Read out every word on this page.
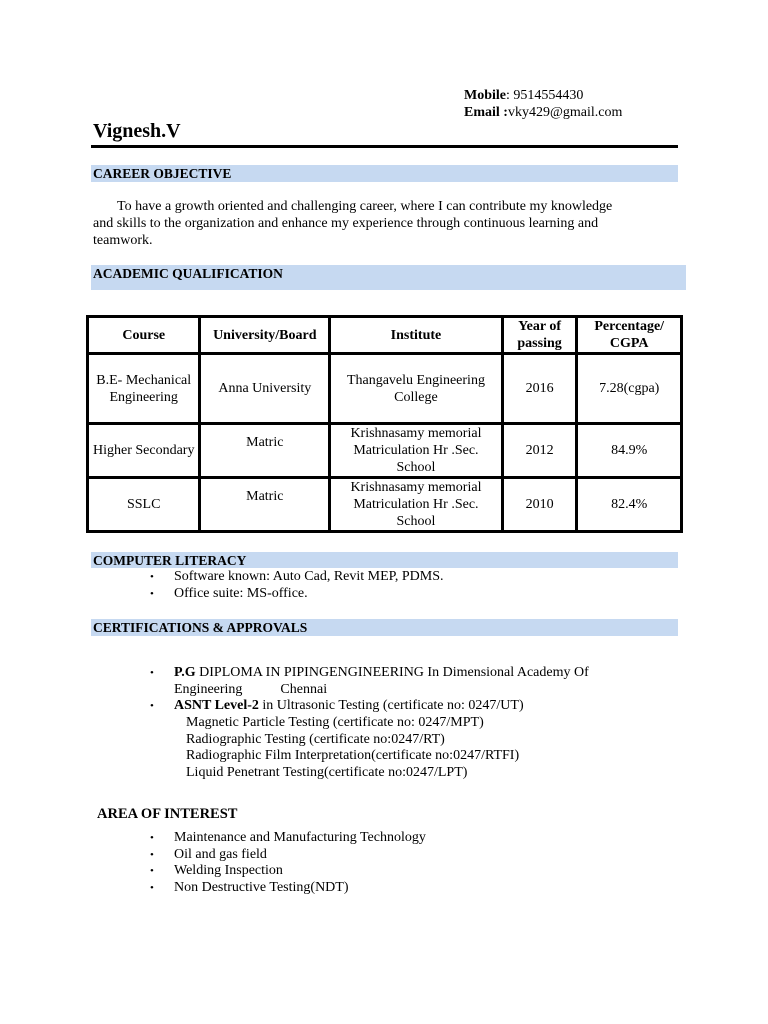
Mobile: 9514554430
Email :vky429@gmail.com
Vignesh.V
CAREER OBJECTIVE
To have a growth oriented and challenging career, where I can contribute my knowledge
and skills to the organization and enhance my experience through continuous learning and
teamwork.
ACADEMIC QUALIFICATION
Course	University/Board	Institute	Year of passing	Percentage/ CGPA
B.E- Mechanical Engineering	Anna University	Thangavelu Engineering College	2016	7.28(cgpa)
Higher Secondary	Matric	Krishnasamy memorial Matriculation Hr .Sec. School	2012	84.9%
SSLC	Matric	Krishnasamy memorial Matriculation Hr .Sec. School	2010	82.4%
COMPUTER LITERACY
• Software known: Auto Cad, Revit MEP, PDMS.
• Office suite: MS-office.
CERTIFICATIONS & APPROVALS
• P.G DIPLOMA IN PIPINGENGINEERING In Dimensional Academy Of
Engineering	Chennai
• ASNT Level-2 in Ultrasonic Testing (certificate no: 0247/UT)
Magnetic Particle Testing (certificate no: 0247/MPT)
Radiographic Testing (certificate no:0247/RT)
Radiographic Film Interpretation(certificate no:0247/RTFI)
Liquid Penetrant Testing(certificate no:0247/LPT)
AREA OF INTEREST
• Maintenance and Manufacturing Technology
• Oil and gas field
• Welding Inspection
• Non Destructive Testing(NDT)
